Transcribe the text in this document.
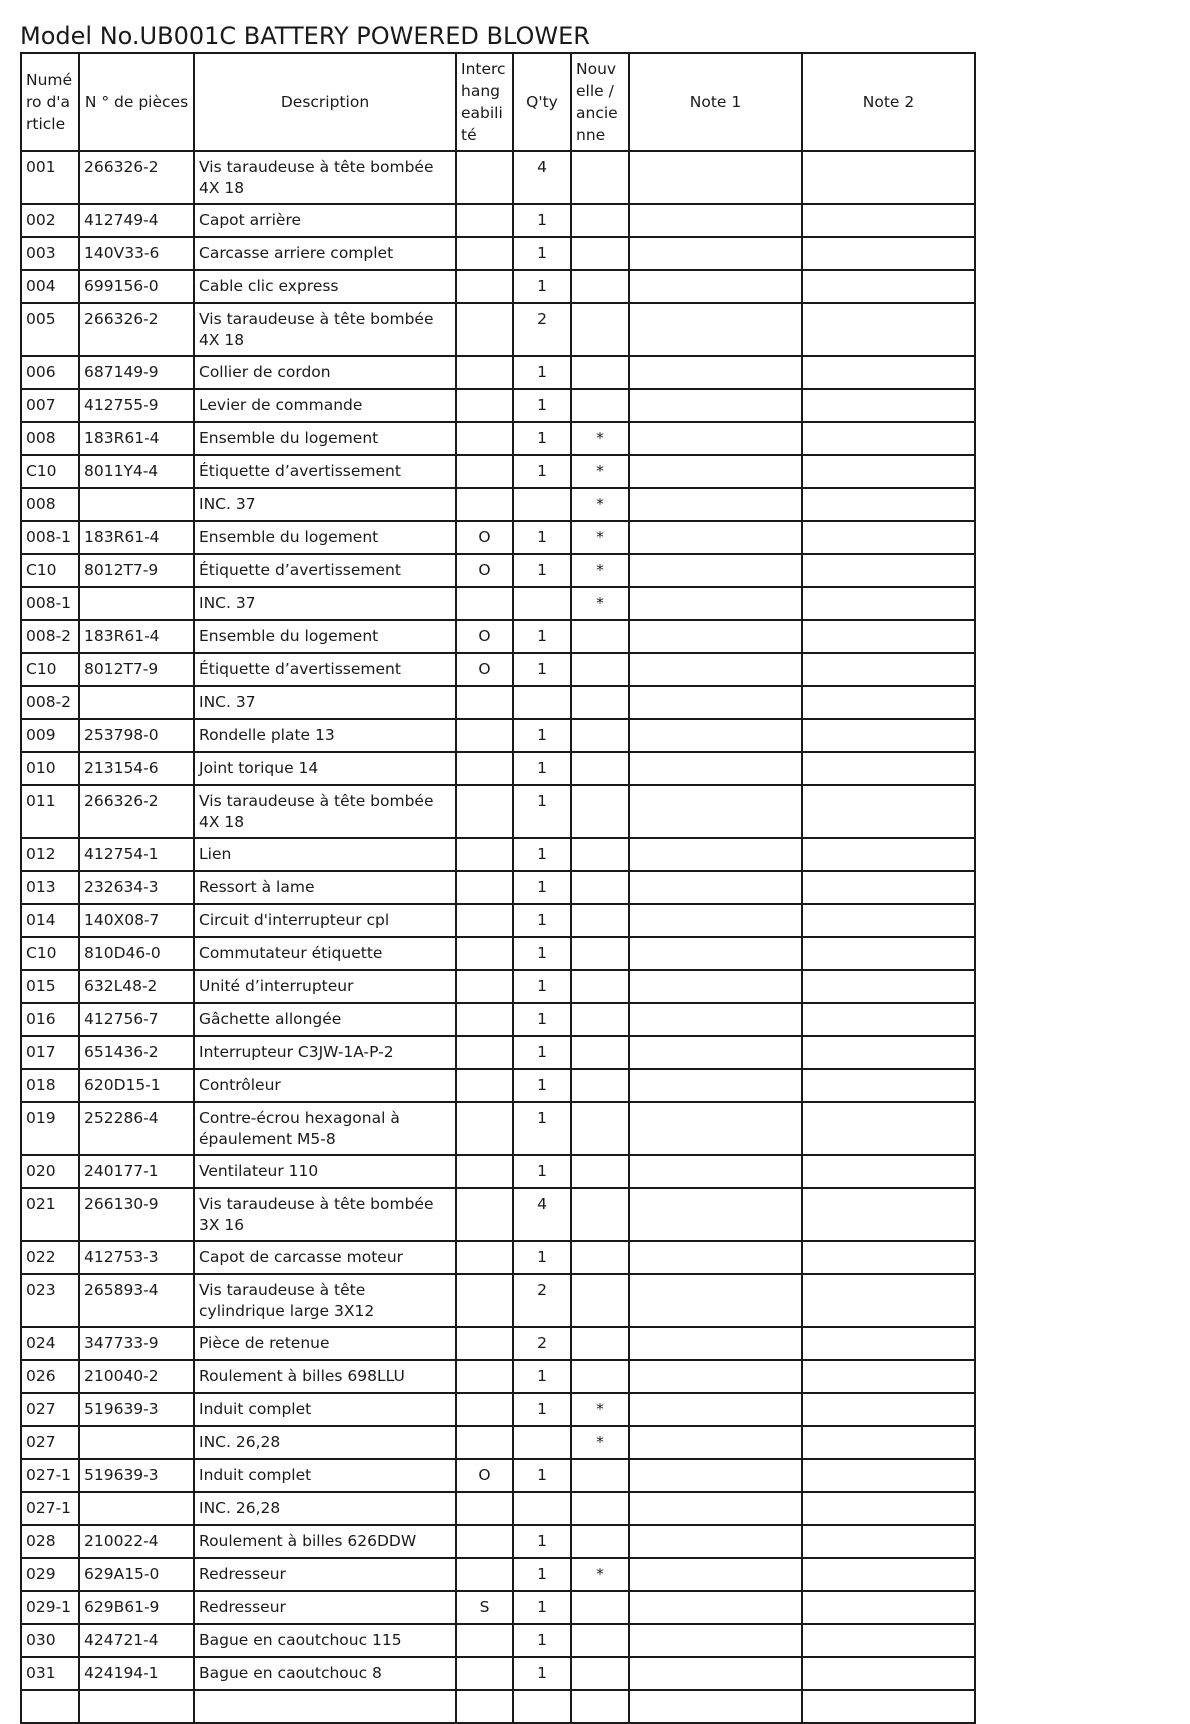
Model No.UB001C BATTERY POWERED BLOWER
Numéro d'article	N ° de pièces	Description	Interchangeabilité	Q'ty	Nouvelle / ancienne	Note 1	Note 2
001	266326-2	Vis taraudeuse à tête bombée 4X 18		4			
002	412749-4	Capot arrière		1			
003	140V33-6	Carcasse arriere complet		1			
004	699156-0	Cable clic express		1			
005	266326-2	Vis taraudeuse à tête bombée 4X 18		2			
006	687149-9	Collier de cordon		1			
007	412755-9	Levier de commande		1			
008	183R61-4	Ensemble du logement		1	*		
C10	8011Y4-4	Étiquette d’avertissement		1	*		
008		INC. 37			*		
008-1	183R61-4	Ensemble du logement	O	1	*		
C10	8012T7-9	Étiquette d’avertissement	O	1	*		
008-1		INC. 37			*		
008-2	183R61-4	Ensemble du logement	O	1			
C10	8012T7-9	Étiquette d’avertissement	O	1			
008-2		INC. 37					
009	253798-0	Rondelle plate 13		1			
010	213154-6	Joint torique 14		1			
011	266326-2	Vis taraudeuse à tête bombée 4X 18		1			
012	412754-1	Lien		1			
013	232634-3	Ressort à lame		1			
014	140X08-7	Circuit d'interrupteur cpl		1			
C10	810D46-0	Commutateur étiquette		1			
015	632L48-2	Unité d’interrupteur		1			
016	412756-7	Gâchette allongée		1			
017	651436-2	Interrupteur C3JW-1A-P-2		1			
018	620D15-1	Contrôleur		1			
019	252286-4	Contre-écrou hexagonal à épaulement M5-8		1			
020	240177-1	Ventilateur 110		1			
021	266130-9	Vis taraudeuse à tête bombée 3X 16		4			
022	412753-3	Capot de carcasse moteur		1			
023	265893-4	Vis taraudeuse à tête cylindrique large 3X12		2			
024	347733-9	Pièce de retenue		2			
026	210040-2	Roulement à billes 698LLU		1			
027	519639-3	Induit complet		1	*		
027		INC. 26,28			*		
027-1	519639-3	Induit complet	O	1			
027-1		INC. 26,28					
028	210022-4	Roulement à billes 626DDW		1			
029	629A15-0	Redresseur		1	*		
029-1	629B61-9	Redresseur	S	1			
030	424721-4	Bague en caoutchouc 115		1			
031	424194-1	Bague en caoutchouc 8		1			
